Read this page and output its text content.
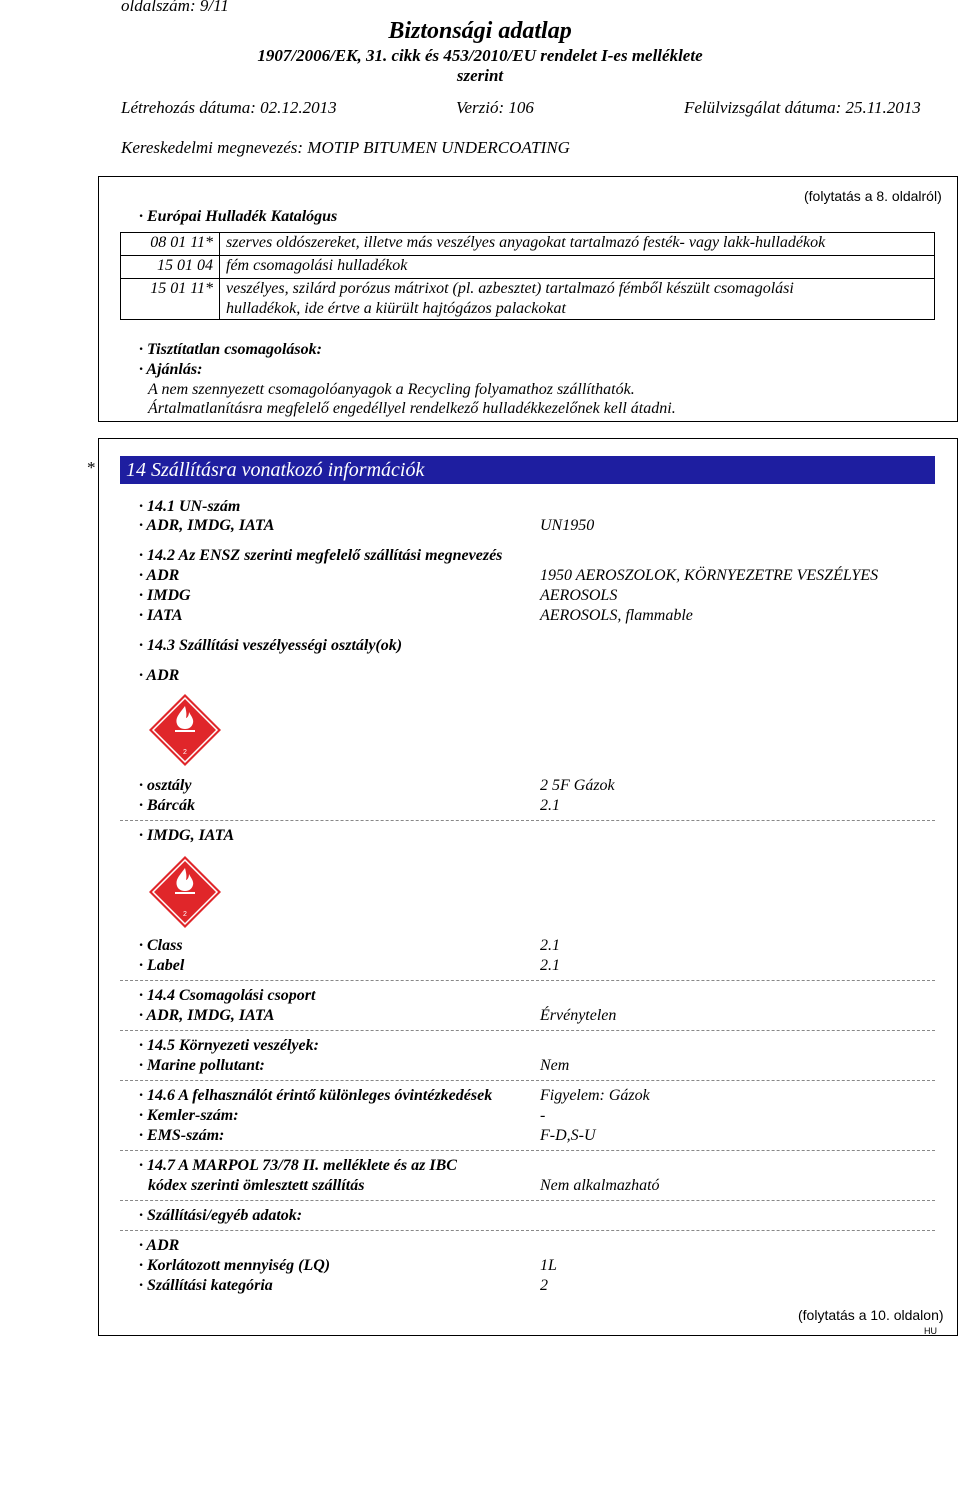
oldalszám: 9/11
Biztonsági adatlap
1907/2006/EK, 31. cikk és 453/2010/EU rendelet I-es melléklete
szerint
Létrehozás dátuma: 02.12.2013	Verzió: 106	Felülvizsgálat dátuma: 25.11.2013
Kereskedelmi megnevezés: MOTIP BITUMEN UNDERCOATING
(folytatás a 8. oldalról)
· Európai Hulladék Katalógus
08 01 11*	szerves oldószereket, illetve más veszélyes anyagokat tartalmazó festék- vagy lakk-hulladékok
15 01 04	fém csomagolási hulladékok
15 01 11*	veszélyes, szilárd porózus mátrixot (pl. azbesztet) tartalmazó fémből készült csomagolási
hulladékok, ide értve a kiürült hajtógázos palackokat
· Tisztítatlan csomagolások:
· Ajánlás:
A nem szennyezett csomagolóanyagok a Recycling folyamathoz szállíthatók.
Ártalmatlanításra megfelelő engedéllyel rendelkező hulladékkezelőnek kell átadni.
*	14 Szállításra vonatkozó információk
· 14.1 UN-szám
· ADR, IMDG, IATA	UN1950
· 14.2 Az ENSZ szerinti megfelelő szállítási megnevezés
· ADR	1950 AEROSZOLOK, KÖRNYEZETRE VESZÉLYES
· IMDG	AEROSOLS
· IATA	AEROSOLS, flammable
· 14.3 Szállítási veszélyességi osztály(ok)
· ADR
2
· osztály	2 5F Gázok
· Bárcák	2.1
· IMDG, IATA
2
· Class	2.1
· Label	2.1
· 14.4 Csomagolási csoport
· ADR, IMDG, IATA	Érvénytelen
· 14.5 Környezeti veszélyek:
· Marine pollutant:	Nem
· 14.6 A felhasználót érintő különleges óvintézkedések	Figyelem: Gázok
· Kemler-szám:	-
· EMS-szám:	F-D,S-U
· 14.7 A MARPOL 73/78 II. melléklete és az IBC
kódex szerinti ömlesztett szállítás	Nem alkalmazható
· Szállítási/egyéb adatok:
· ADR
· Korlátozott mennyiség (LQ)	1L
· Szállítási kategória	2
(folytatás a 10. oldalon)
HU
